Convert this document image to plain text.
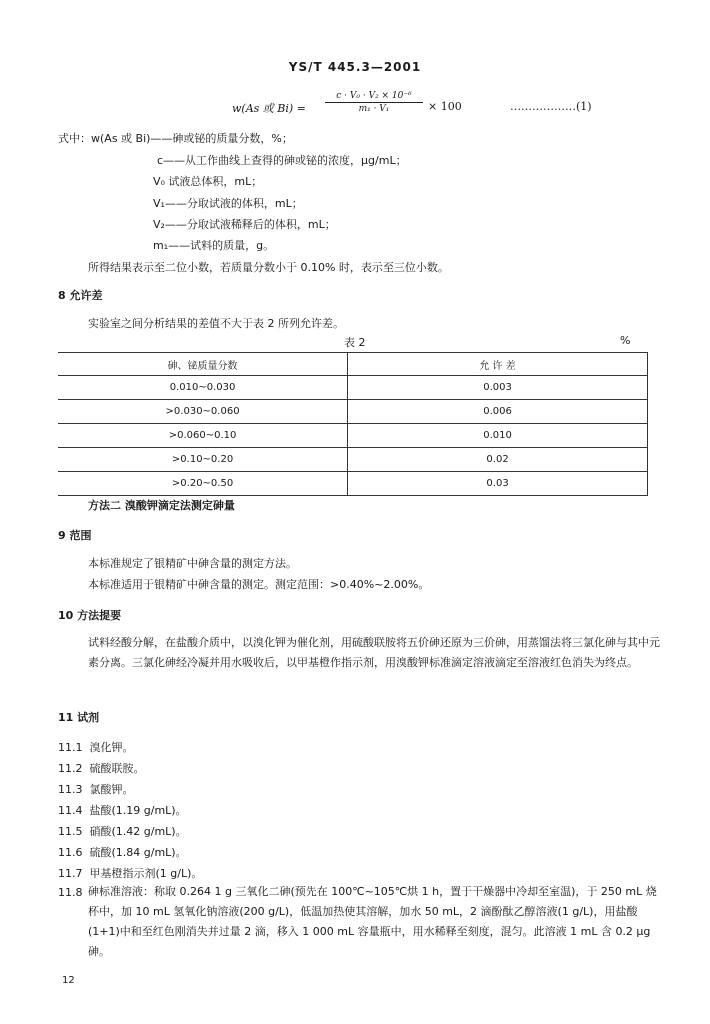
YS/T 445.3—2001
w(As 或 $Bi) = \frac{\text{c · V₀ · V₂ × 10⁻⁶}}{\text{m₁ · V₁}} \times 100$	………………(1)
式中：w(As 或 Bi)——砷或铋的质量分数，%；
c——从工作曲线上查得的砷或铋的浓度，μg/mL；
V₀ 试液总体积，mL；
V₁——分取试液的体积，mL；
V₂——分取试液稀释后的体积，mL；
m₁——试料的质量，g。
所得结果表示至二位小数，若质量分数小于 0.10% 时，表示至三位小数。
8 允许差
实验室之间分析结果的差值不大于表 2 所列允许差。
表 2	%
砷、铋质量分数	允 许 差
0.010~0.030	0.003
>0.030~0.060	0.006
>0.060~0.10	0.010
>0.10~0.20	0.02
>0.20~0.50	0.03
方法二 溴酸钾滴定法测定砷量
9 范围
本标准规定了银精矿中砷含量的测定方法。
本标准适用于银精矿中砷含量的测定。测定范围：>0.40%~2.00%。
10 方法提要
试料经酸分解，在盐酸介质中，以溴化钾为催化剂，用硫酸联胺将五价砷还原为三价砷，用蒸馏法将三氯化砷与其中元素分离。三氯化砷经冷凝并用水吸收后，以甲基橙作指示剂，用溴酸钾标准滴定溶液滴定至溶液红色消失为终点。
11 试剂
11.1 溴化钾。
11.2 硫酸联胺。
11.3 氯酸钾。
11.4 盐酸(1.19 g/mL)。
11.5 硝酸(1.42 g/mL)。
11.6 硫酸(1.84 g/mL)。
11.7 甲基橙指示剂(1 g/L)。
11.8 砷标准溶液：称取 0.264 1 g 三氧化二砷(预先在 100℃~105℃烘 1 h，置于干燥器中冷却至室温)，于 250 mL 烧杯中，加 10 mL 氢氧化钠溶液(200 g/L)，低温加热使其溶解，加水 50 mL，2 滴酚酞乙醇溶液(1 g/L)，用盐酸(1+1)中和至红色刚消失并过量 2 滴，移入 1 000 mL 容量瓶中，用水稀释至刻度，混匀。此溶液 1 mL 含 0.2 μg 砷。
12
